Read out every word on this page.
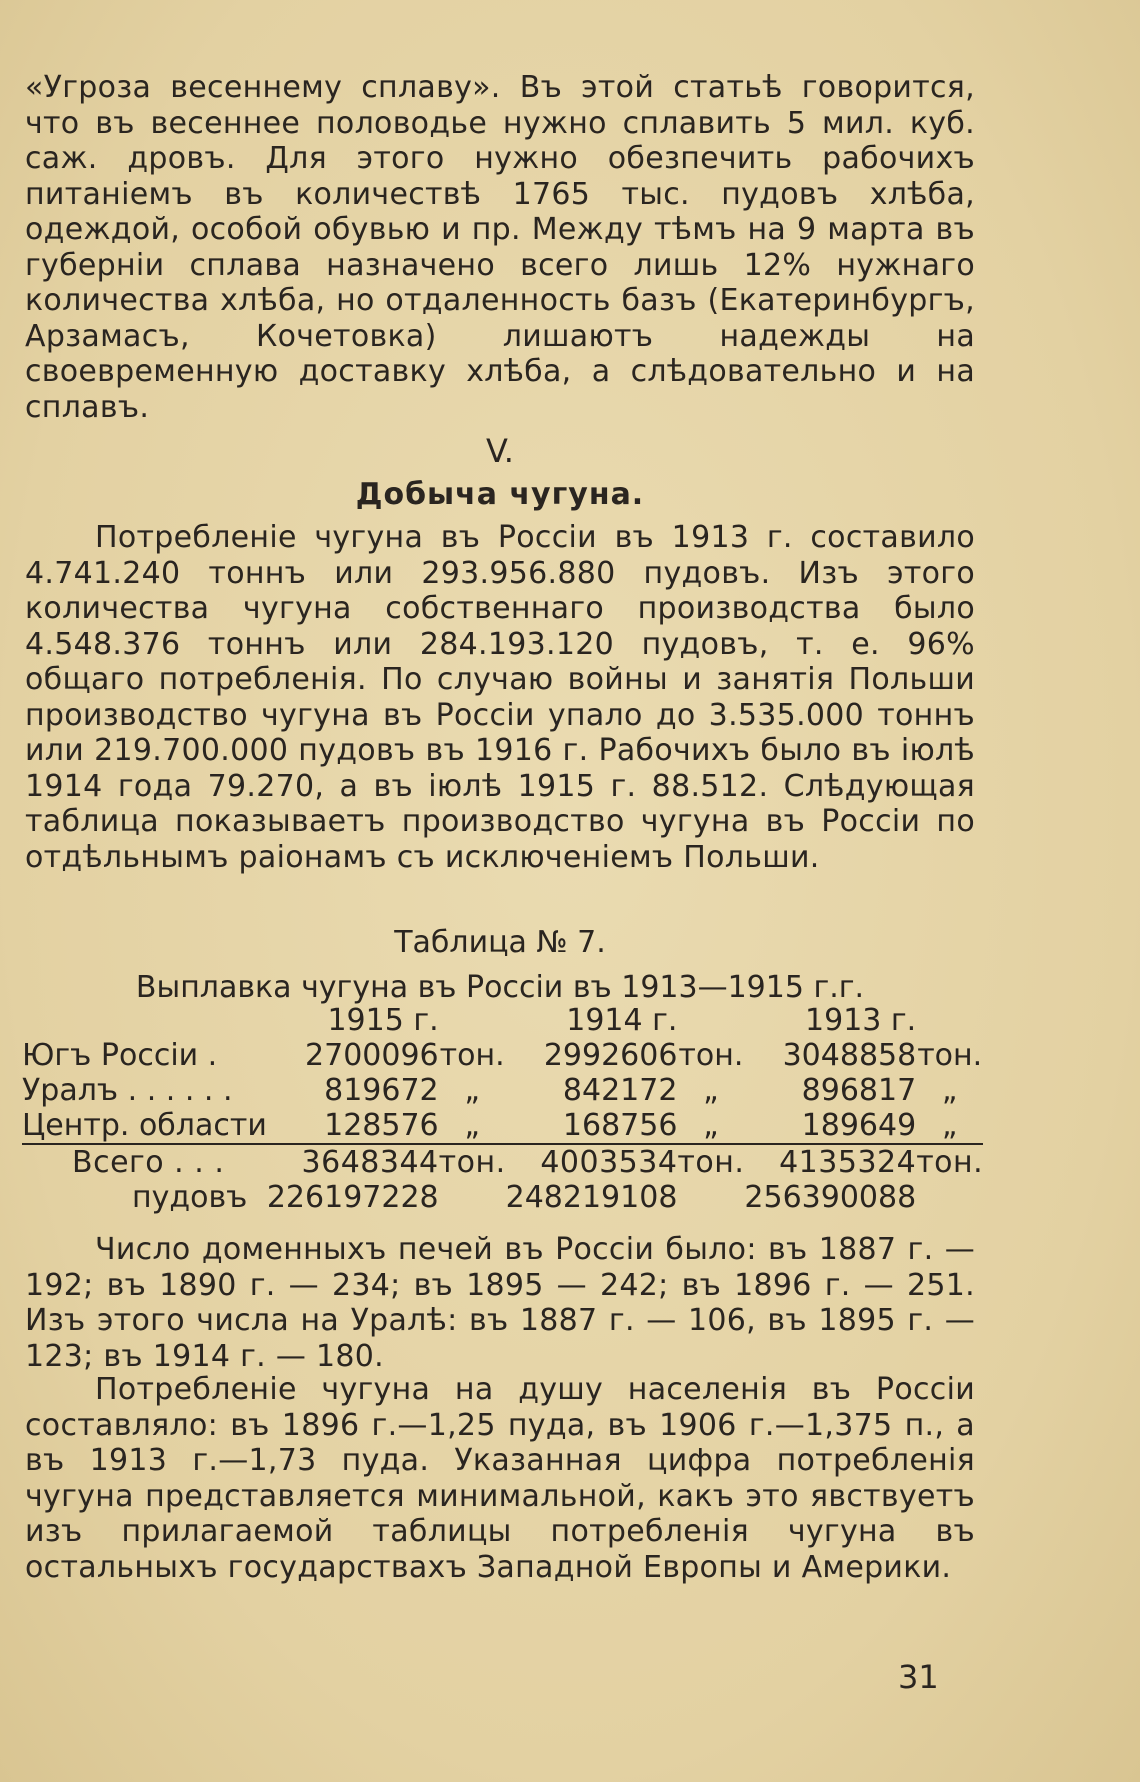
«Угроза весеннему сплаву». Въ этой статьѣ говорится, что въ весеннее половодье нужно сплавить 5 мил. куб. саж. дровъ. Для этого нужно обезпечить рабочихъ питаніемъ въ количествѣ 1765 тыс. пудовъ хлѣба, одеждой, особой обувью и пр. Между тѣмъ на 9 марта въ губерніи сплава назначено всего лишь 12% нужнаго количества хлѣба, но отдаленность базъ (Екатеринбургъ, Арзамасъ, Кочетовка) лишаютъ надежды на своевременную доставку хлѣба, а слѣдовательно и на сплавъ.

V.
Добыча чугуна.

Потребленіе чугуна въ Россіи въ 1913 г. составило 4.741.240 тоннъ или 293.956.880 пудовъ. Изъ этого количества чугуна собственнаго производства было 4.548.376 тоннъ или 284.193.120 пудовъ, т. е. 96% общаго потребленія. По случаю войны и занятія Польши производство чугуна въ Россіи упало до 3.535.000 тоннъ или 219.700.000 пудовъ въ 1916 г. Рабочихъ было въ іюлѣ 1914 года 79.270, а въ іюлѣ 1915 г. 88.512. Слѣдующая таблица показываетъ производство чугуна въ Россіи по отдѣльнымъ раіонамъ съ исключеніемъ Польши.

Таблица № 7.
Выплавка чугуна въ Россіи въ 1913—1915 г.г.
	1915 г.		1914 г.		1913 г.	
Югъ Россіи .	2700096	тон.	2992606	тон.	3048858	тон.
Уралъ . . . . . .	819672	„	842172	„	896817	„
Центр. области	128576	„	168756	„	189649	„
Всего . . .	3648344	тон.	4003534	тон.	4135324	тон.
пудовъ	226197228		248219108		256390088	

Число доменныхъ печей въ Россіи было: въ 1887 г. — 192; въ 1890 г. — 234; въ 1895 — 242; въ 1896 г. — 251. Изъ этого числа на Уралѣ: въ 1887 г. — 106, въ 1895 г. — 123; въ 1914 г. — 180.

Потребленіе чугуна на душу населенія въ Россіи составляло: въ 1896 г.—1,25 пуда, въ 1906 г.—1,375 п., а въ 1913 г.—1,73 пуда. Указанная цифра потребленія чугуна представляется минимальной, какъ это явствуетъ изъ прилагаемой таблицы потребленія чугуна въ остальныхъ государствахъ Западной Европы и Америки.

31
